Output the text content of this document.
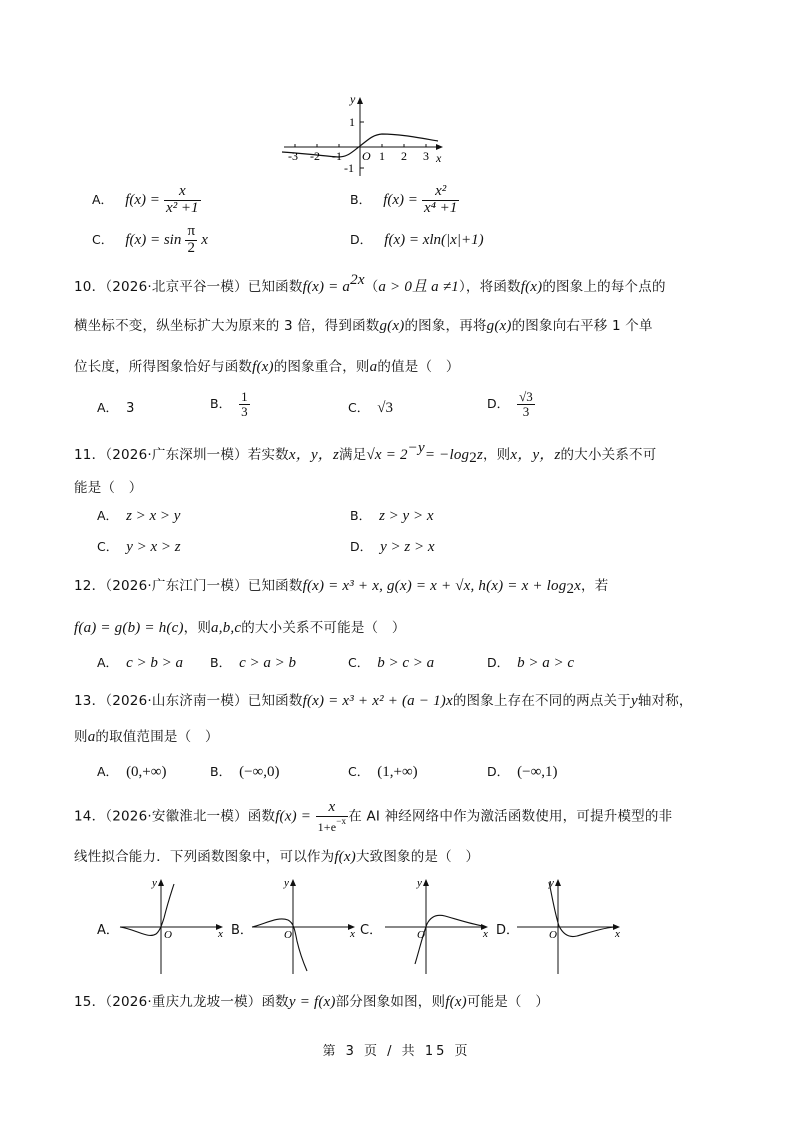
y
x
O
-3 -2 -1	1 2 3
1
-1
A． $f(x) = \frac{x}{\text{x² +1}}$	B． $f(x) = \frac{\text{x²}}{\text{x⁴ +1}}$
C． $f(x) = \sin \frac{\pi}{2}$ x	D． f(x) = xln(|x|+1)
10．（2026·北京平谷一模）已知函数$f(x) = a^{2x}(a > 0$且 a ≠1），将函数f(x)的图象上的每个点的
横坐标不变，纵坐标扩大为原来的 3 倍，得到函数g(x)的图象，再将g(x)的图象向右平移 1 个单
位长度，所得图象恰好与函数f(x)的图象重合，则a的值是（　）
A． 3	B． $\frac{1}{3}$	C． √3	D． $\frac{√3}{3}$
11．（2026·广东深圳一模）若实数x，y，z满足$√x = 2^{-y}= -\log_2z$，则x，y，z的大小关系不可
能是（　）
A． z > x > y	B． z > y > x
C． y > x > z	D． y > z > x
12．（2026·广东江门一模）已知函数f(x) = x³ + x, g(x) = x + √x, $h(x) = x + \log_2x$，若
f(a) = g(b) = h(c)，则a,b,c的大小关系不可能是（　）
A． c > b > a B． c > a > b	C． b > c > a	D． b > a > c
13．（2026·山东济南一模）已知函数f(x) = x³ + x² + (a − 1)x的图象上存在不同的两点关于y轴对称，
则a的取值范围是（　）
A． (0,+∞)	B． (−∞,0)	C． (1,+∞)	D． (−∞,1)
14．（2026·安徽淮北一模）函数$f(x) = \frac{x}{1+e^{-x}}$ 在 AI 神经网络中作为激活函数使用，可提升模型的非
线性拟合能力．下列函数图象中，可以作为f(x)大致图象的是（　）
A．
y
x
O	B．
y
x
O	C．
y
x
O	D．
y
x
O
15．（2026·重庆九龙坡一模）函数y = f(x)部分图象如图，则f(x)可能是（　）
第 3 页 / 共 15 页
